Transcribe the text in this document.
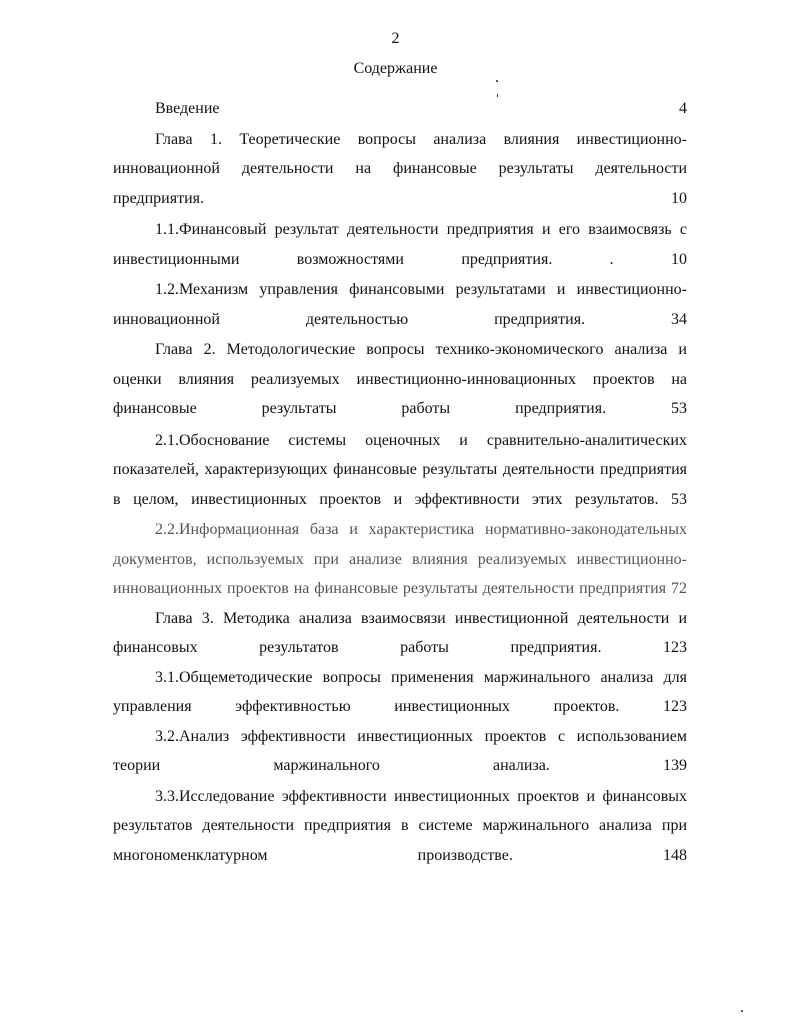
2
Содержание
Введение	4
Глава 1. Теоретические вопросы анализа влияния инвестиционно-инновационной деятельности на финансовые результаты деятельности предприятия.	10
1.1.Финансовый результат деятельности предприятия и его взаимосвязь с инвестиционными возможностями предприятия.	. 10
1.2.Механизм управления финансовыми результатами и инвестиционно-инновационной деятельностью предприятия.	34
Глава 2. Методологические вопросы технико-экономического анализа и оценки влияния реализуемых инвестиционно-инновационных проектов на финансовые результаты работы предприятия.	53
2.1.Обоснование системы оценочных и сравнительно-аналитических показателей, характеризующих финансовые результаты деятельности предприятия в целом, инвестиционных проектов и эффективности этих результатов. 53
2.2.Информационная база и характеристика нормативно-законодательных документов, используемых при анализе влияния реализуемых инвестиционно-инновационных проектов на финансовые результаты деятельности предприятия 72
Глава 3. Методика анализа взаимосвязи инвестиционной деятельности и финансовых результатов работы предприятия.	123
3.1.Общеметодические вопросы применения маржинального анализа для управления эффективностью инвестиционных проектов.	123
3.2.Анализ эффективности инвестиционных проектов с использованием теории маржинального анализа.	139
3.3.Исследование эффективности инвестиционных проектов и финансовых результатов деятельности предприятия в системе маржинального анализа при многономенклатурном производстве.	148
